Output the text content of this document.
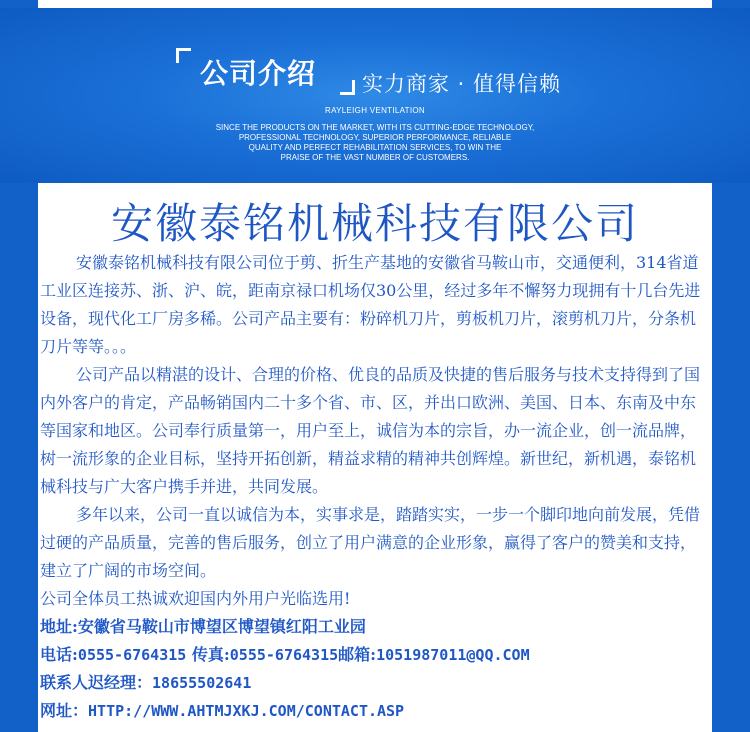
公司介绍 实力商家 · 值得信赖
RAYLEIGH VENTILATION
SINCE THE PRODUCTS ON THE MARKET, WITH ITS CUTTING-EDGE TECHNOLOGY,
PROFESSIONAL TECHNOLOGY, SUPERIOR PERFORMANCE, RELIABLE
QUALITY AND PERFECT REHABILITATION SERVICES, TO WIN THE
PRAISE OF THE VAST NUMBER OF CUSTOMERS.
安徽泰铭机械科技有限公司

安徽泰铭机械科技有限公司位于剪、折生产基地的安徽省马鞍山市，交通便利，314省道工业区连接苏、浙、沪、皖，距南京禄口机场仅30公里，经过多年不懈努力现拥有十几台先进设备，现代化工厂房多稀。公司产品主要有：粉碎机刀片，剪板机刀片，滚剪机刀片，分条机刀片等等。。。

公司产品以精湛的设计、合理的价格、优良的品质及快捷的售后服务与技术支持得到了国内外客户的肯定，产品畅销国内二十多个省、市、区，并出口欧洲、美国、日本、东南及中东等国家和地区。公司奉行质量第一，用户至上，诚信为本的宗旨，办一流企业，创一流品牌，树一流形象的企业目标，坚持开拓创新，精益求精的精神共创辉煌。新世纪，新机遇，泰铭机械科技与广大客户携手并进，共同发展。

多年以来，公司一直以诚信为本，实事求是，踏踏实实，一步一个脚印地向前发展，凭借过硬的产品质量，完善的售后服务，创立了用户满意的企业形象，赢得了客户的赞美和支持，建立了广阔的市场空间。

公司全体员工热诚欢迎国内外用户光临选用!

地址:安徽省马鞍山市博望区博望镇红阳工业园

电话:0555-6764315 传真:0555-6764315邮箱:1051987011@QQ.COM

联系人迟经理：18655502641

网址：HTTP://WWW.AHTMJXKJ.COM/CONTACT.ASP
